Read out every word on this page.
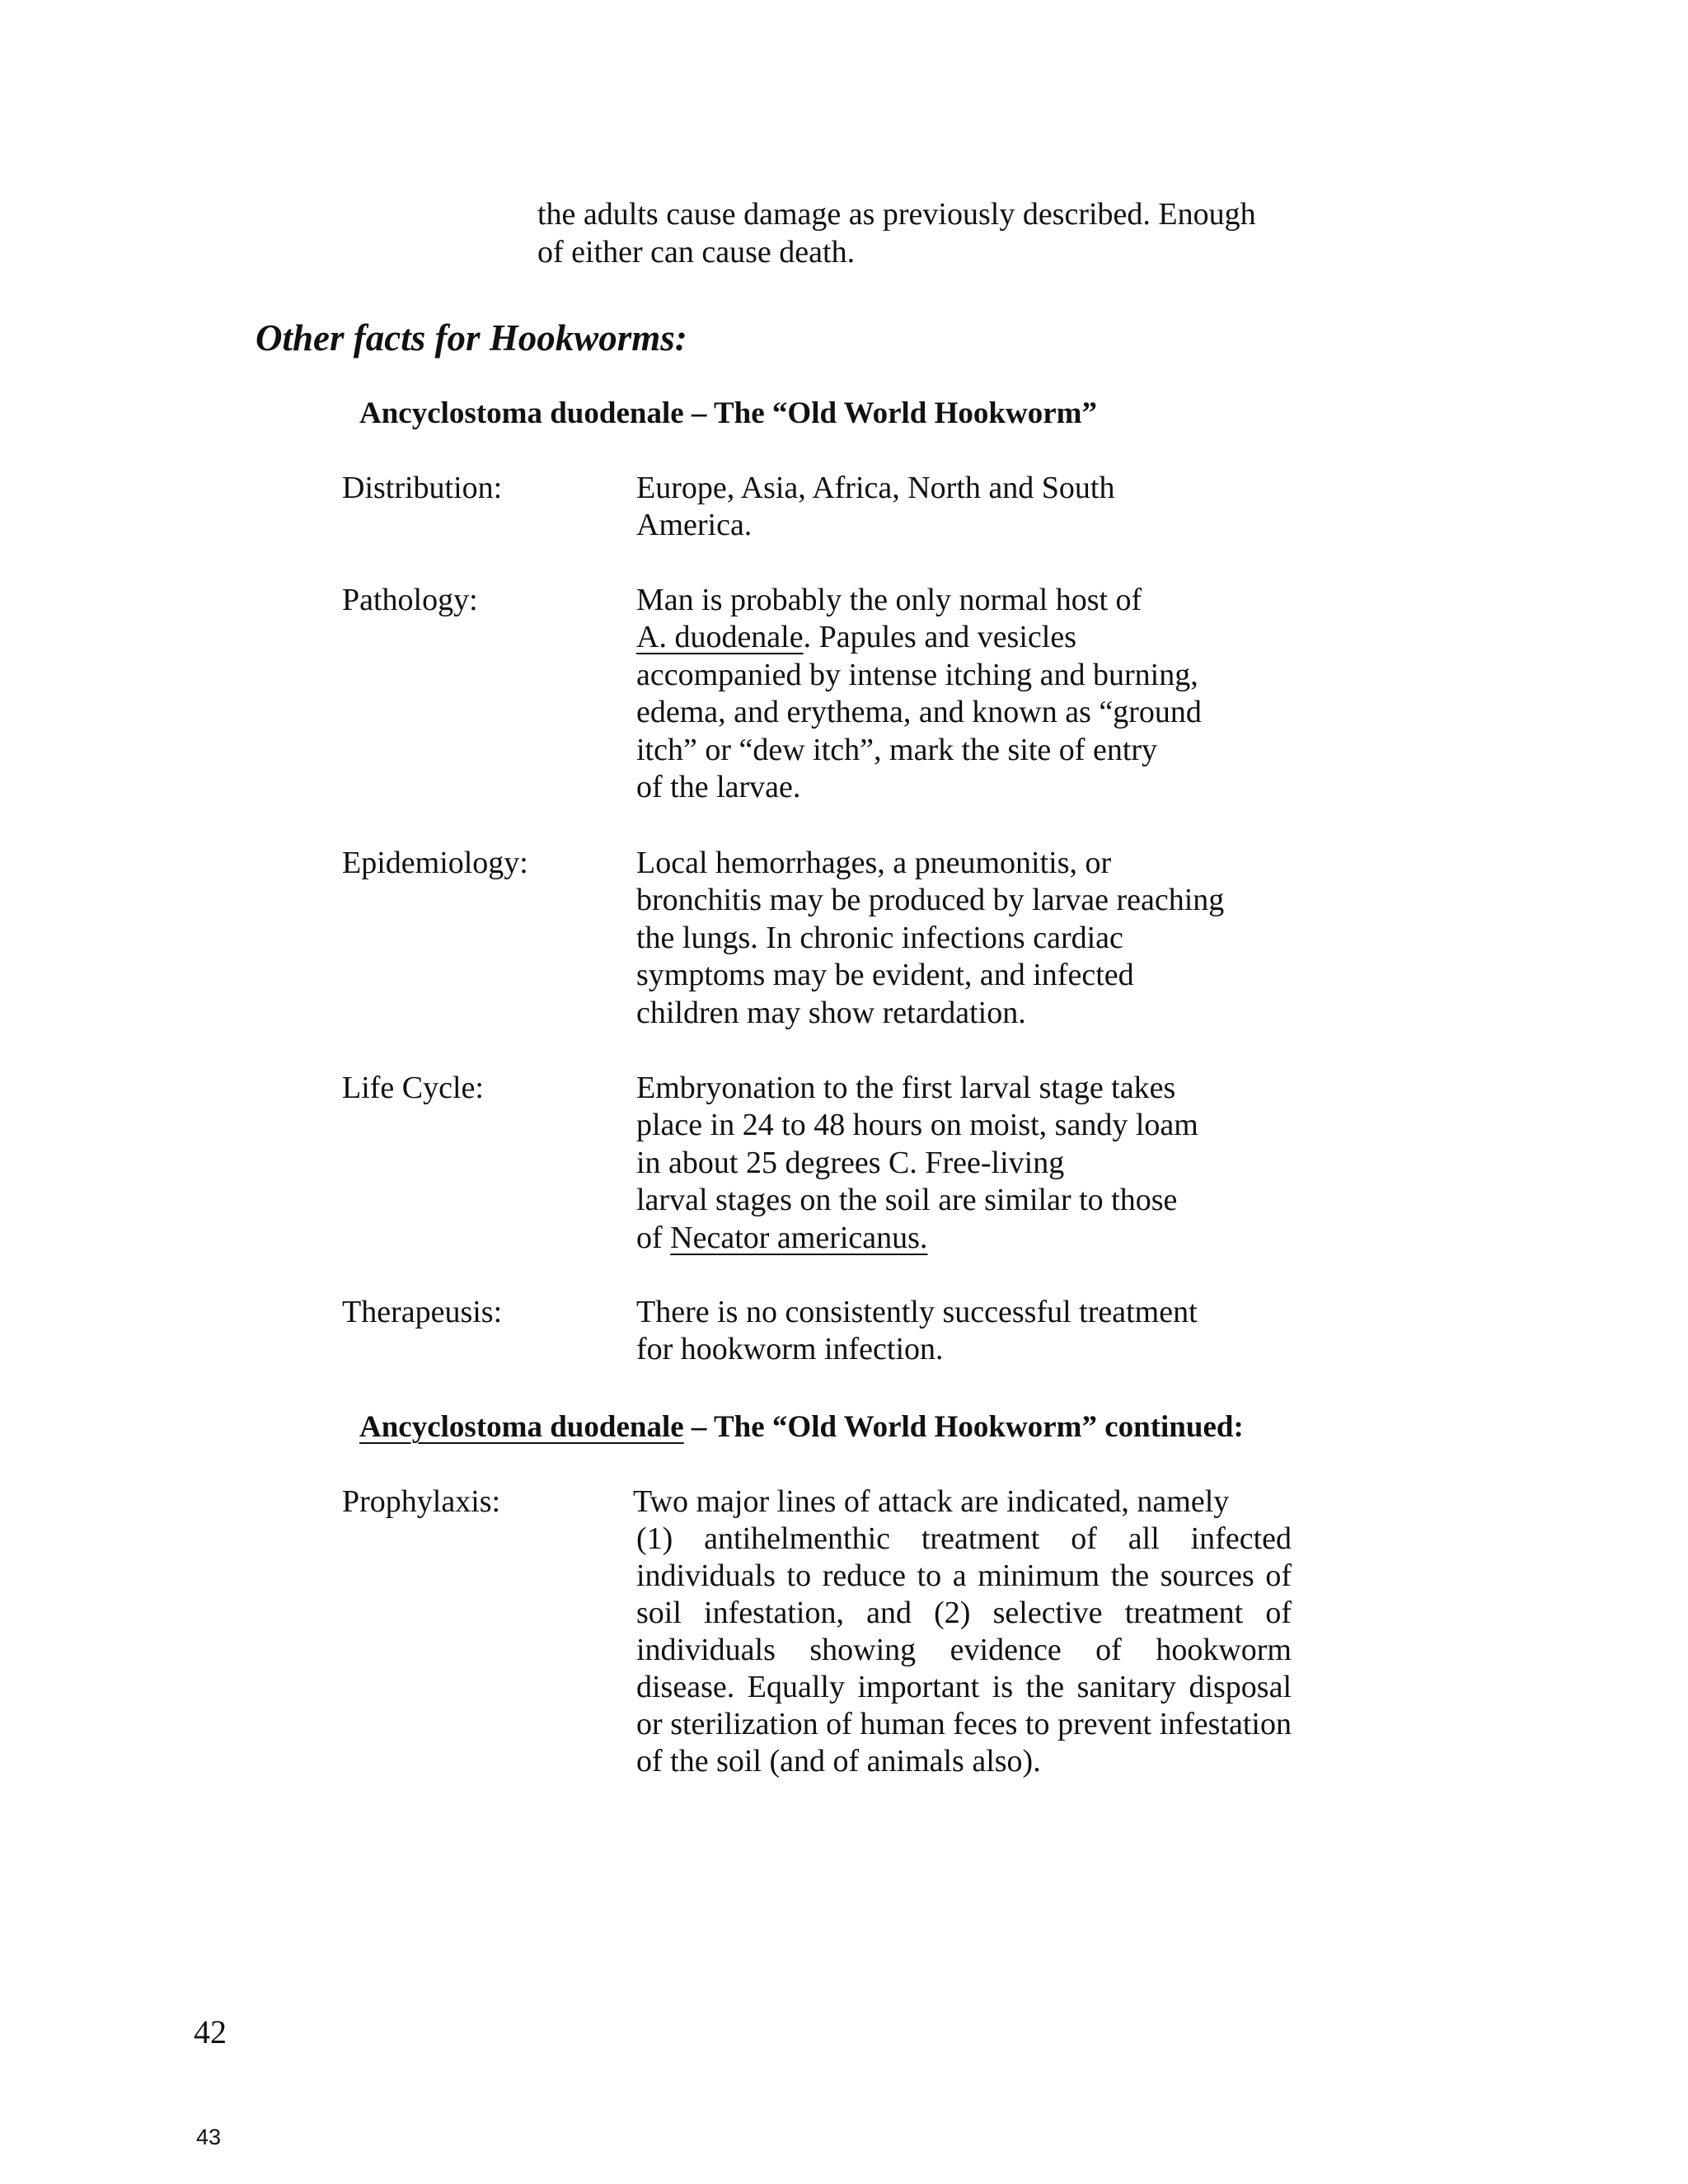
the adults cause damage as previously described. Enough
of either can cause death.
Other facts for Hookworms:
Ancyclostoma duodenale – The “Old World Hookworm”
Distribution:	Europe, Asia, Africa, North and South
America.
Pathology:	Man is probably the only normal host of
A. duodenale. Papules and vesicles
accompanied by intense itching and burning,
edema, and erythema, and known as “ground
itch” or “dew itch”, mark the site of entry
of the larvae.
Epidemiology:	Local hemorrhages, a pneumonitis, or
bronchitis may be produced by larvae reaching
the lungs. In chronic infections cardiac
symptoms may be evident, and infected
children may show retardation.
Life Cycle:	Embryonation to the first larval stage takes
place in 24 to 48 hours on moist, sandy loam
in about 25 degrees C. Free-living
larval stages on the soil are similar to those
of Necator americanus.
Therapeusis:	There is no consistently successful treatment
for hookworm infection.
Ancyclostoma duodenale – The “Old World Hookworm” continued:
Prophylaxis:	Two major lines of attack are indicated, namely
(1) antihelmenthic treatment of all infected individuals to reduce to a minimum the sources of soil infestation, and (2) selective treatment of individuals showing evidence of hookworm disease. Equally important is the sanitary disposal or sterilization of human feces to prevent infestation of the soil (and of animals also).
42
43
